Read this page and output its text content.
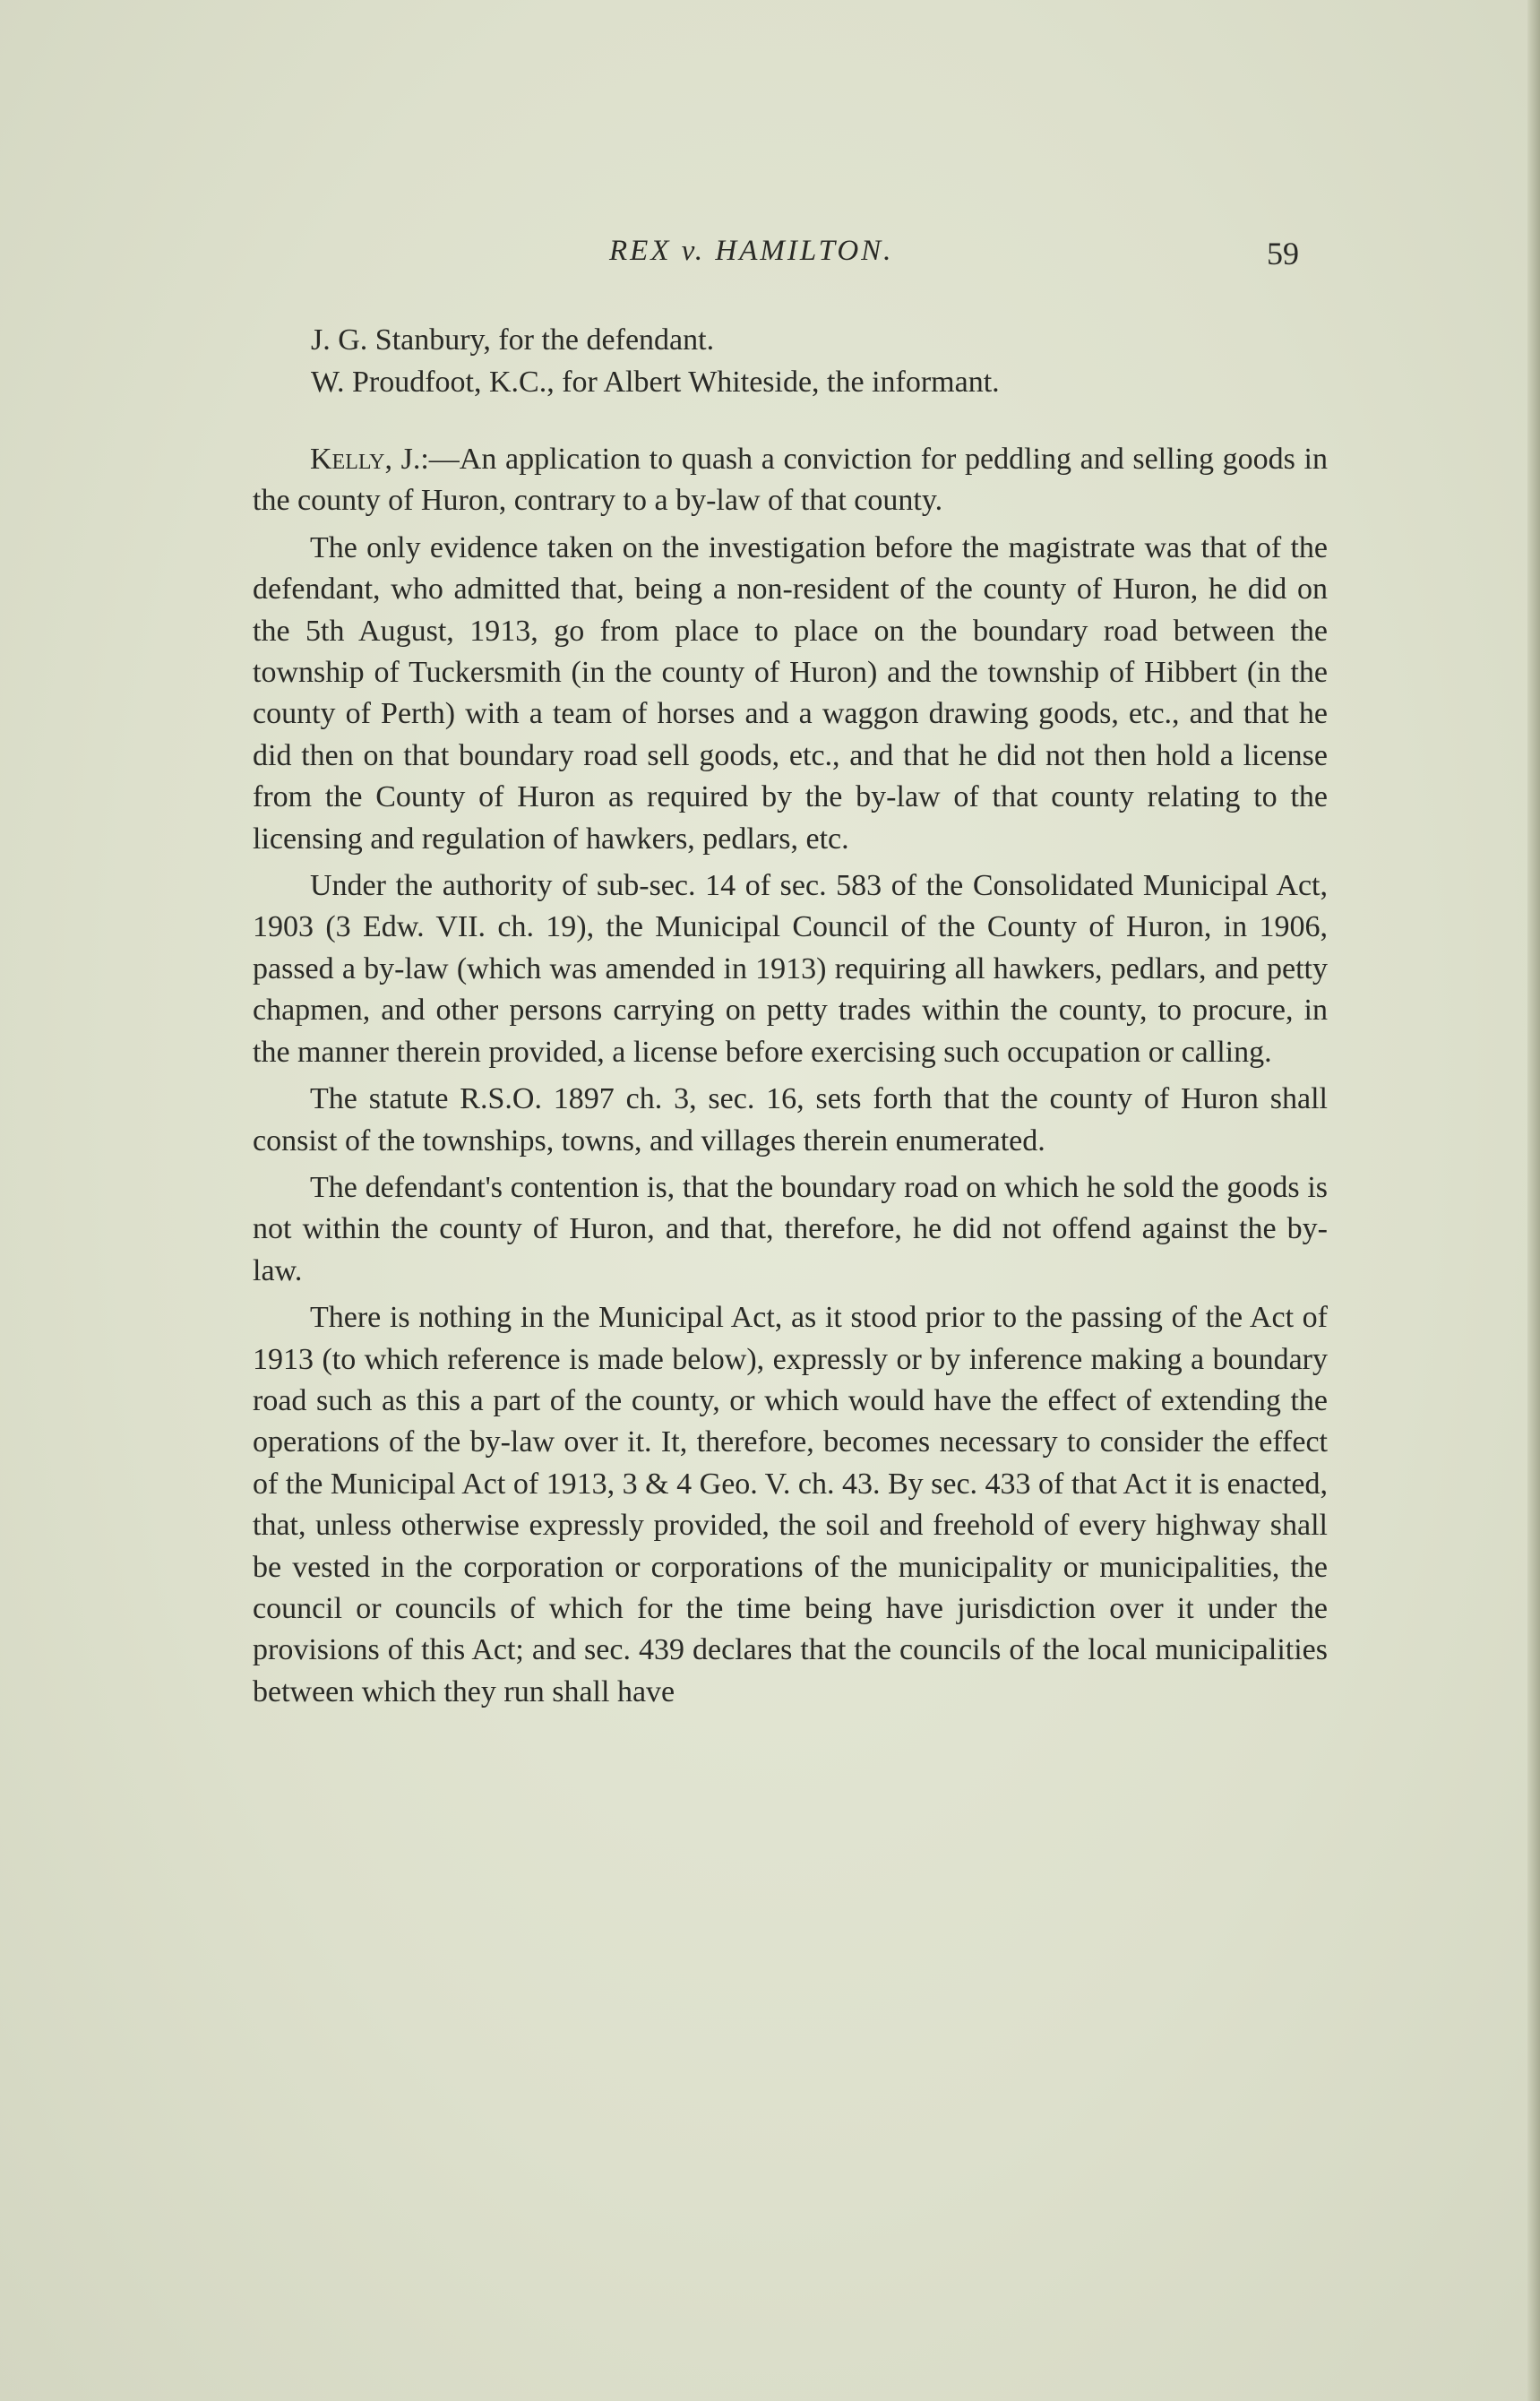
REX v. HAMILTON.	59

J. G. Stanbury, for the defendant.

W. Proudfoot, K.C., for Albert Whiteside, the informant.

Kelly, J.:—An application to quash a conviction for peddling and selling goods in the county of Huron, contrary to a by-law of that county.

The only evidence taken on the investigation before the magistrate was that of the defendant, who admitted that, being a non-resident of the county of Huron, he did on the 5th August, 1913, go from place to place on the boundary road between the township of Tuckersmith (in the county of Huron) and the township of Hibbert (in the county of Perth) with a team of horses and a waggon drawing goods, etc., and that he did then on that boundary road sell goods, etc., and that he did not then hold a license from the County of Huron as required by the by-law of that county relating to the licensing and regulation of hawkers, pedlars, etc.

Under the authority of sub-sec. 14 of sec. 583 of the Consolidated Municipal Act, 1903 (3 Edw. VII. ch. 19), the Municipal Council of the County of Huron, in 1906, passed a by-law (which was amended in 1913) requiring all hawkers, pedlars, and petty chapmen, and other persons carrying on petty trades within the county, to procure, in the manner therein provided, a license before exercising such occupation or calling.

The statute R.S.O. 1897 ch. 3, sec. 16, sets forth that the county of Huron shall consist of the townships, towns, and villages therein enumerated.

The defendant's contention is, that the boundary road on which he sold the goods is not within the county of Huron, and that, therefore, he did not offend against the by-law.

There is nothing in the Municipal Act, as it stood prior to the passing of the Act of 1913 (to which reference is made below), expressly or by inference making a boundary road such as this a part of the county, or which would have the effect of extending the operations of the by-law over it. It, therefore, becomes necessary to consider the effect of the Municipal Act of 1913, 3 & 4 Geo. V. ch. 43. By sec. 433 of that Act it is enacted, that, unless otherwise expressly provided, the soil and freehold of every highway shall be vested in the corporation or corporations of the municipality or municipalities, the council or councils of which for the time being have jurisdiction over it under the provisions of this Act; and sec. 439 declares that the councils of the local municipalities between which they run shall have
